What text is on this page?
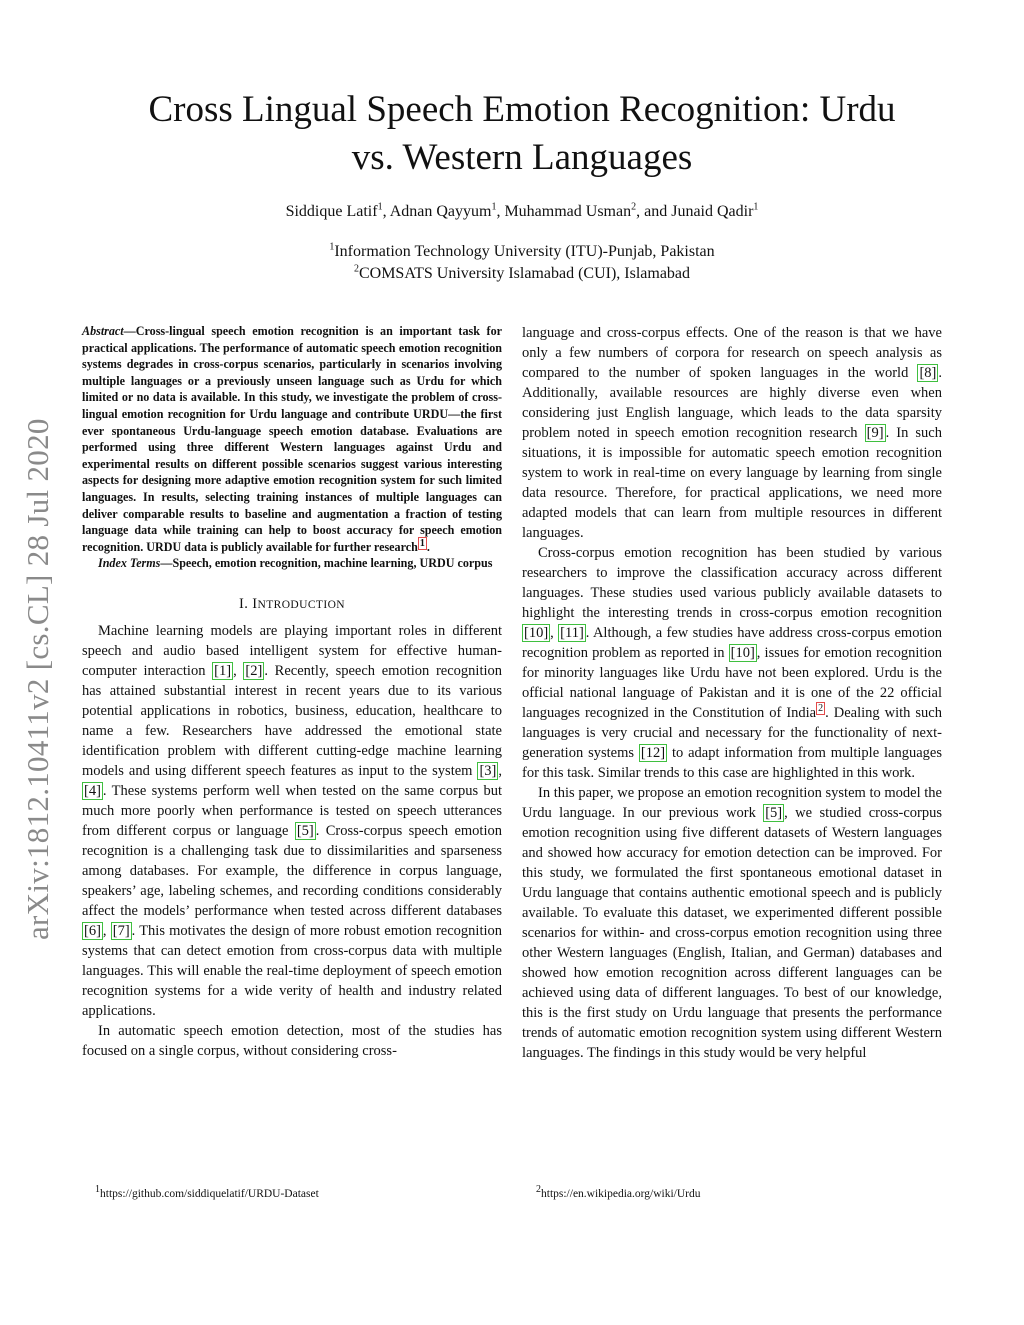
arXiv:1812.10411v2 [cs.CL] 28 Jul 2020
Cross Lingual Speech Emotion Recognition: Urdu
vs. Western Languages
Siddique Latif$^1$, Adnan Qayyum$^1$, Muhammad Usman$^2$, and Junaid Qadir$^1$
$^1$Information Technology University (ITU)-Punjab, Pakistan
$^2$COMSATS University Islamabad (CUI), Islamabad

Abstract—Cross-lingual speech emotion recognition is an important task for practical applications. The performance of automatic speech emotion recognition systems degrades in cross-corpus scenarios, particularly in scenarios involving multiple languages or a previously unseen language such as Urdu for which limited or no data is available. In this study, we investigate the problem of cross-lingual emotion recognition for Urdu language and contribute URDU—the first ever spontaneous Urdu-language speech emotion database. Evaluations are performed using three different Western languages against Urdu and experimental results on different possible scenarios suggest various interesting aspects for designing more adaptive emotion recognition system for such limited languages. In results, selecting training instances of multiple languages can deliver comparable results to baseline and augmentation a fraction of testing language data while training can help to boost accuracy for speech emotion recognition. URDU data is publicly available for further research $^1$ .

Index Terms—Speech, emotion recognition, machine learning, URDU corpus

I. INTRODUCTION

Machine learning models are playing important roles in different speech and audio based intelligent system for effective human-computer interaction [1] , [2] . Recently, speech emotion recognition has attained substantial interest in recent years due to its various potential applications in robotics, business, education, healthcare to name a few. Researchers have addressed the emotional state identification problem with different cutting-edge machine learning models and using different speech features as input to the system [3] , [4] . These systems perform well when tested on the same corpus but much more poorly when performance is tested on speech utterances from different corpus or language [5] . Cross-corpus speech emotion recognition is a challenging task due to dissimilarities and sparseness among databases. For example, the difference in corpus language, speakers’ age, labeling schemes, and recording conditions considerably affect the models’ performance when tested across different databases [6] , [7] . This motivates the design of more robust emotion recognition systems that can detect emotion from cross-corpus data with multiple languages. This will enable the real-time deployment of speech emotion recognition systems for a wide verity of health and industry related applications.

In automatic speech emotion detection, most of the studies has focused on a single corpus, without considering cross-

language and cross-corpus effects. One of the reason is that we have only a few numbers of corpora for research on speech analysis as compared to the number of spoken languages in the world [8] . Additionally, available resources are highly diverse even when considering just English language, which leads to the data sparsity problem noted in speech emotion recognition research [9] . In such situations, it is impossible for automatic speech emotion recognition system to work in real-time on every language by learning from single data resource. Therefore, for practical applications, we need more adapted models that can learn from multiple resources in different languages.

Cross-corpus emotion recognition has been studied by various researchers to improve the classification accuracy across different languages. These studies used various publicly available datasets to highlight the interesting trends in cross-corpus emotion recognition [10] , [11] . Although, a few studies have address cross-corpus emotion recognition problem as reported in [10] , issues for emotion recognition for minority languages like Urdu have not been explored. Urdu is the official national language of Pakistan and it is one of the 22 official languages recognized in the Constitution of India $^2$ . Dealing with such languages is very crucial and necessary for the functionality of next-generation systems [12] to adapt information from multiple languages for this task. Similar trends to this case are highlighted in this work.

In this paper, we propose an emotion recognition system to model the Urdu language. In our previous work [5] , we studied cross-corpus emotion recognition using five different datasets of Western languages and showed how accuracy for emotion detection can be improved. For this study, we formulated the first spontaneous emotional dataset in Urdu language that contains authentic emotional speech and is publicly available. To evaluate this dataset, we experimented different possible scenarios for within- and cross-corpus emotion recognition using three other Western languages (English, Italian, and German) databases and showed how emotion recognition across different languages can be achieved using data of different languages. To best of our knowledge, this is the first study on Urdu language that presents the performance trends of automatic emotion recognition system using different Western languages. The findings in this study would be very helpful

$^1$https://github.com/siddiquelatif/URDU-Dataset	$^2$https://en.wikipedia.org/wiki/Urdu
